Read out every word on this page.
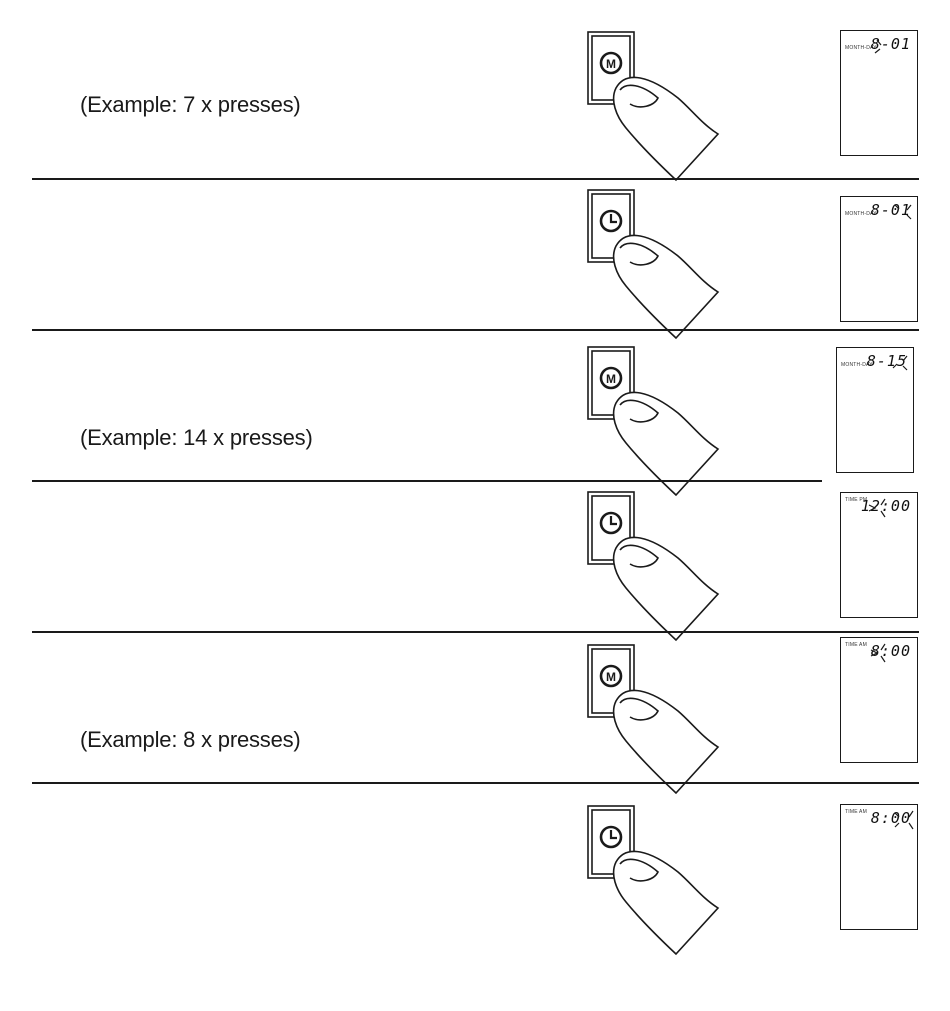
(Example: 7 x presses)
M
MONTH-DAY
8-01
MONTH-DAY
8-01
(Example: 14 x presses)
M
MONTH-DAY
8-15
TIME PM
12:00
(Example: 8 x presses)
M
TIME AM 8:00
TIME AM 8:00
